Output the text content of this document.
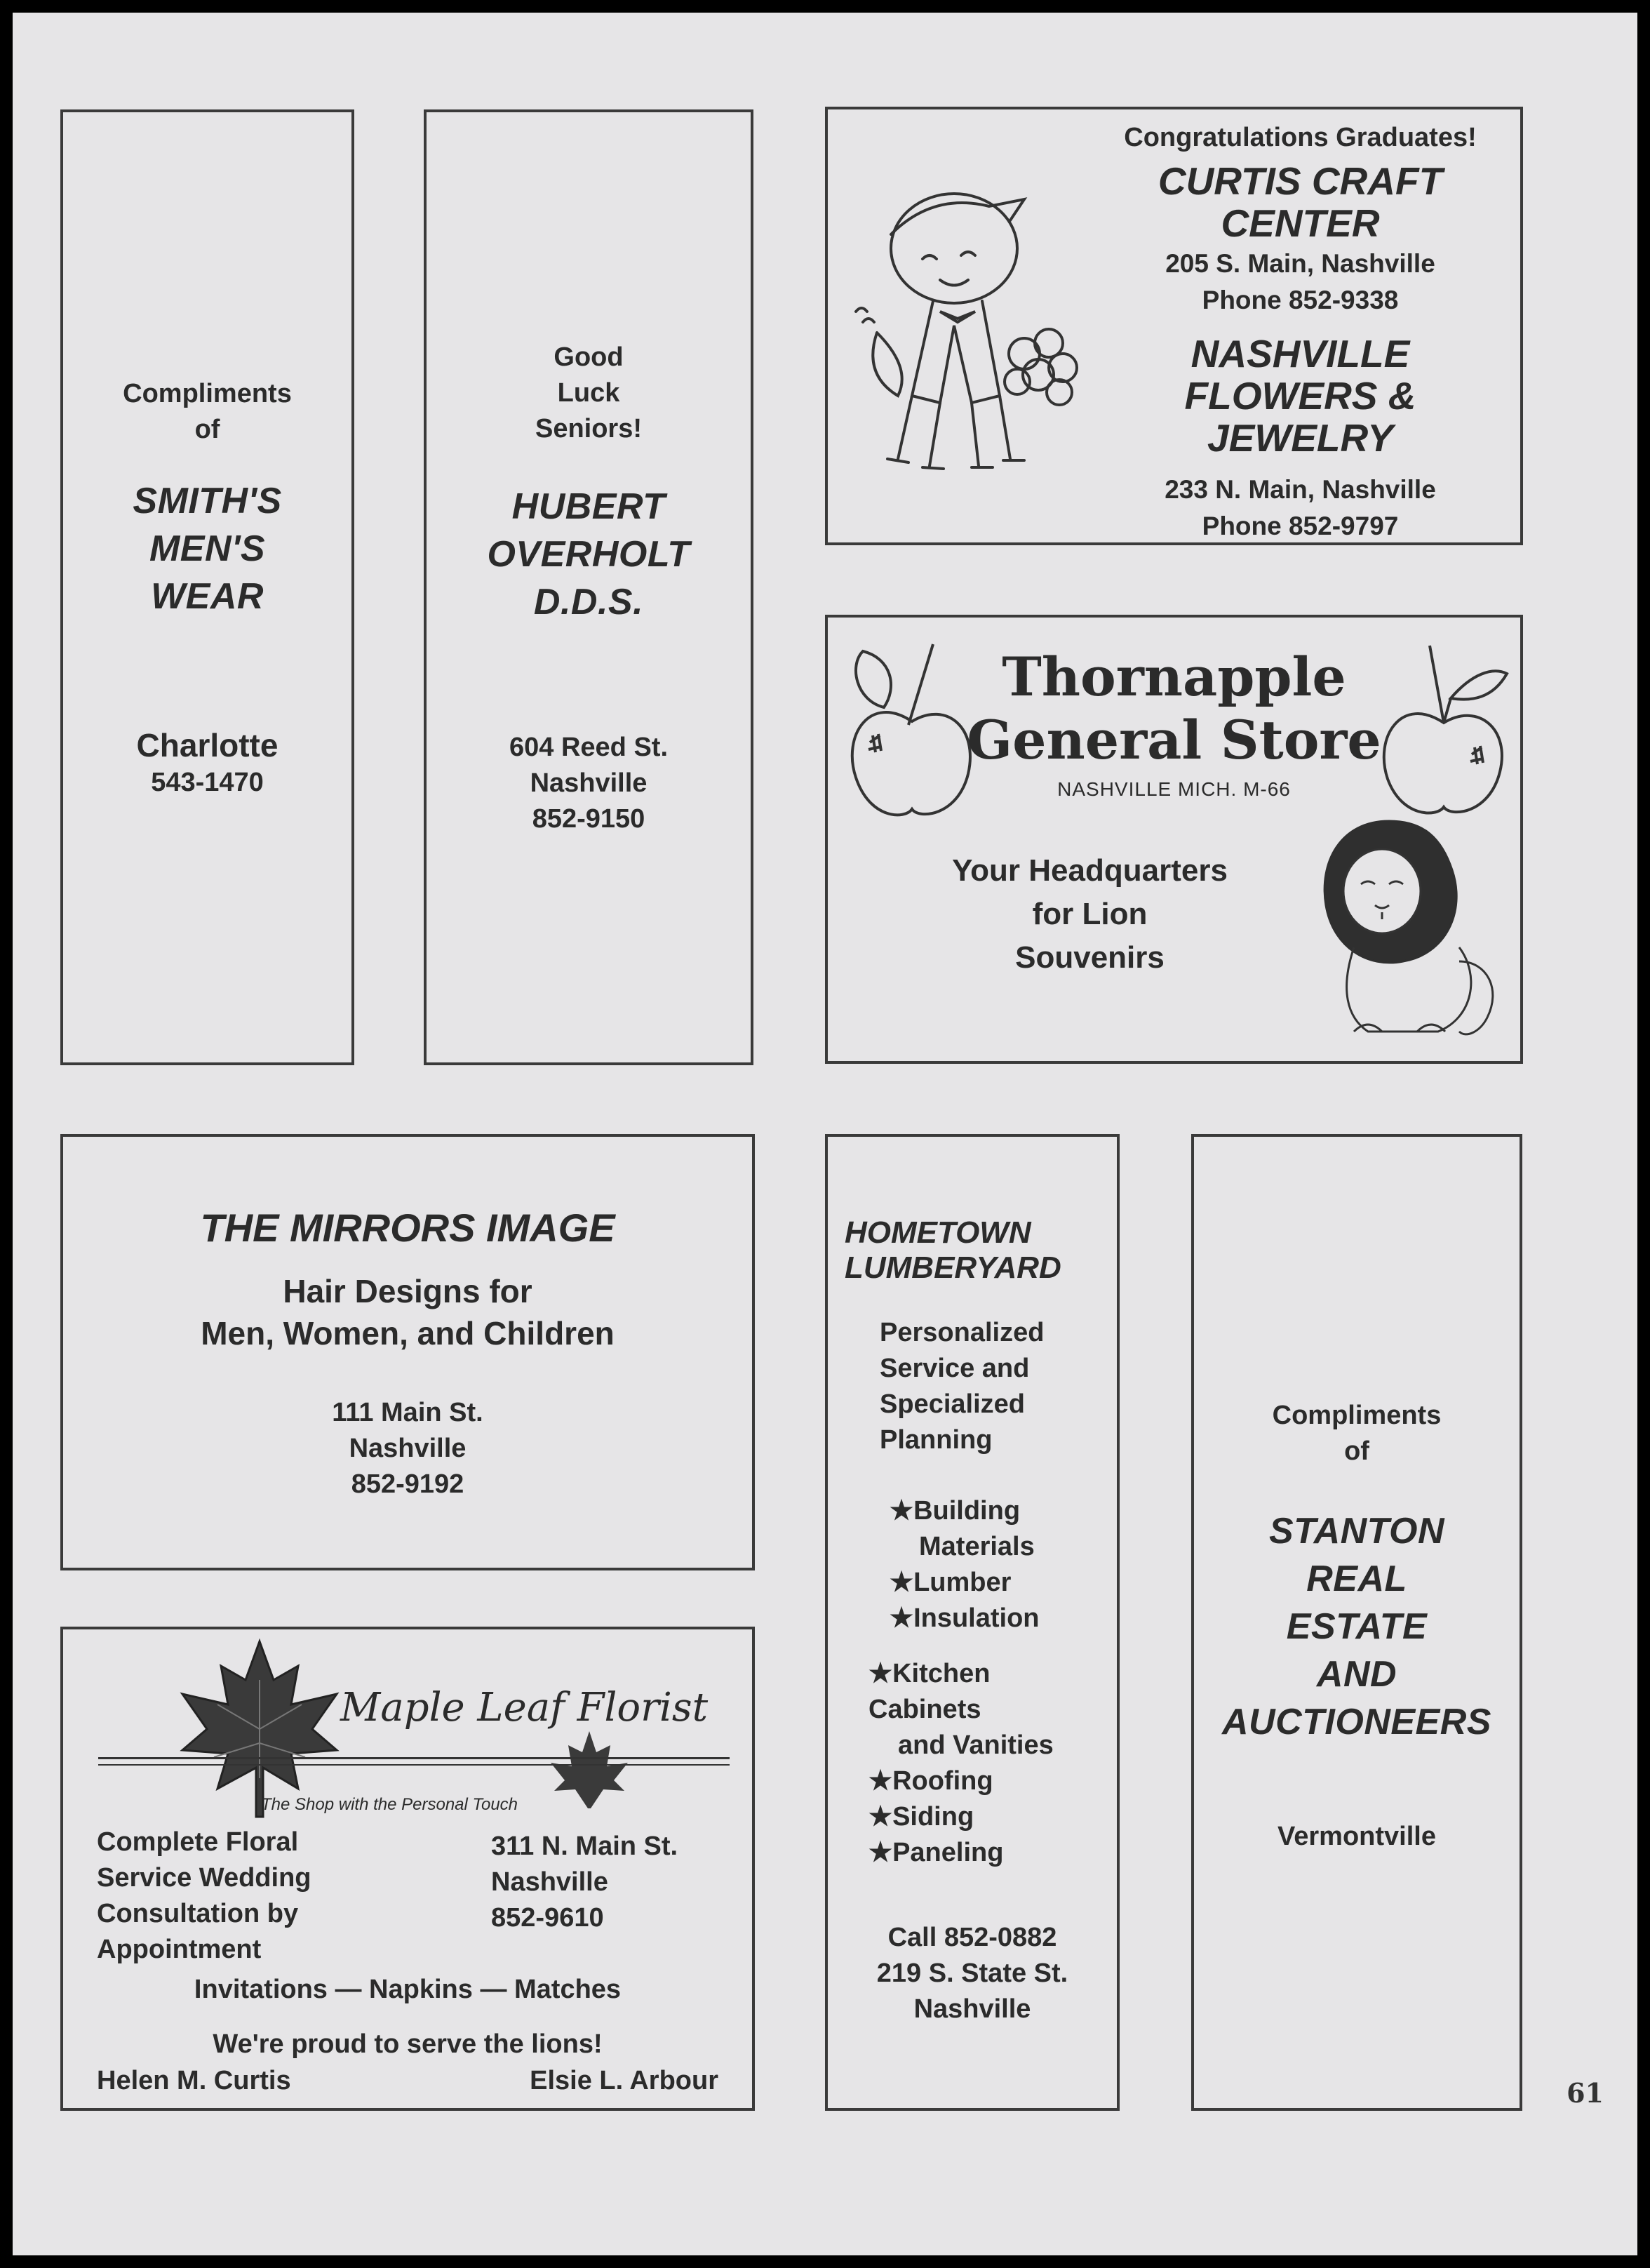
Compliments
of
SMITH'S
MEN'S
WEAR
Charlotte
543-1470
Good
Luck
Seniors!
HUBERT
OVERHOLT
D.D.S.
604 Reed St.
Nashville
852-9150
Congratulations Graduates!
CURTIS CRAFT
CENTER
205 S. Main, Nashville
Phone 852-9338
NASHVILLE
FLOWERS &
JEWELRY
233 N. Main, Nashville
Phone 852-9797
Thornapple
General Store
NASHVILLE MICH. M-66
Your Headquarters
for Lion
Souvenirs
THE MIRRORS IMAGE
Hair Designs for
Men, Women, and Children
111 Main St.
Nashville
852-9192
Maple Leaf Florist
The Shop with the Personal Touch
Complete Floral
Service Wedding
Consultation by
Appointment
311 N. Main St.
Nashville
852-9610
Invitations — Napkins — Matches
We're proud to serve the lions!
Helen M. Curtis	Elsie L. Arbour
HOMETOWN
LUMBERYARD
Personalized
Service and
Specialized
Planning
★Building
Materials
★Lumber
★Insulation
★Kitchen
Cabinets
and Vanities
★Roofing
★Siding
★Paneling
Call 852-0882
219 S. State St.
Nashville
Compliments
of
STANTON
REAL
ESTATE
AND
AUCTIONEERS
Vermontville
61
